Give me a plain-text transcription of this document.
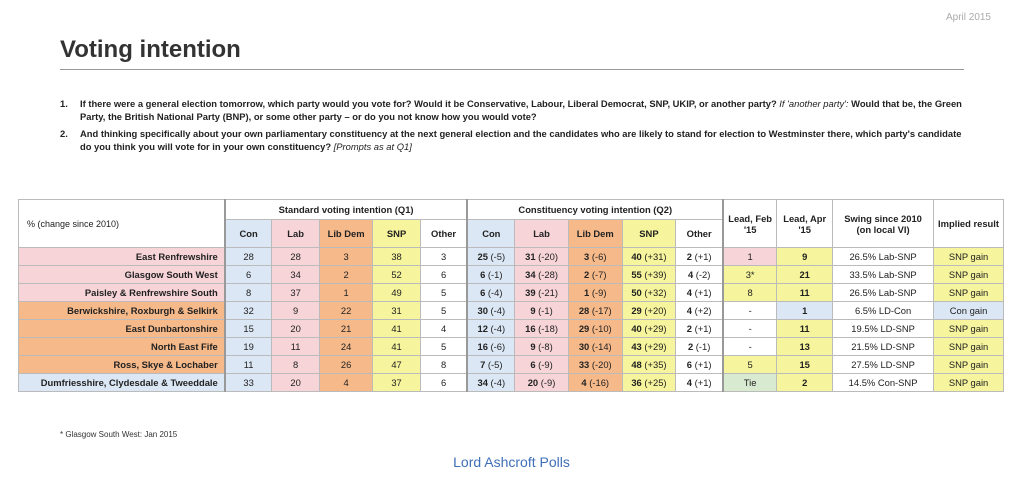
April 2015
Voting intention
1.	If there were a general election tomorrow, which party would you vote for? Would it be Conservative, Labour, Liberal Democrat, SNP, UKIP, or another party? If 'another party': Would that be, the Green Party, the British National Party (BNP), or some other party – or do you not know how you would vote?
2.	And thinking specifically about your own parliamentary constituency at the next general election and the candidates who are likely to stand for election to Westminster there, which party's candidate do you think you will vote for in your own constituency? [Prompts as at Q1]
% (change since 2010)	Standard voting intention (Q1)					Constituency voting intention (Q2)					Lead, Feb '15	Lead, Apr '15	Swing since 2010 (on local VI)	Implied result
	Con	Lab	Lib Dem	SNP	Other	Con	Lab	Lib Dem	SNP	Other				
East Renfrewshire	28	28	3	38	3	25 (-5)	31 (-20)	3 (-6)	40 (+31)	2 (+1)	1	9	26.5% Lab-SNP	SNP gain
Glasgow South West	6	34	2	52	6	6 (-1)	34 (-28)	2 (-7)	55 (+39)	4 (-2)	3*	21	33.5% Lab-SNP	SNP gain
Paisley & Renfrewshire South	8	37	1	49	5	6 (-4)	39 (-21)	1 (-9)	50 (+32)	4 (+1)	8	11	26.5% Lab-SNP	SNP gain
Berwickshire, Roxburgh & Selkirk	32	9	22	31	5	30 (-4)	9 (-1)	28 (-17)	29 (+20)	4 (+2)	-	1	6.5% LD-Con	Con gain
East Dunbartonshire	15	20	21	41	4	12 (-4)	16 (-18)	29 (-10)	40 (+29)	2 (+1)	-	11	19.5% LD-SNP	SNP gain
North East Fife	19	11	24	41	5	16 (-6)	9 (-8)	30 (-14)	43 (+29)	2 (-1)	-	13	21.5% LD-SNP	SNP gain
Ross, Skye & Lochaber	11	8	26	47	8	7 (-5)	6 (-9)	33 (-20)	48 (+35)	6 (+1)	5	15	27.5% LD-SNP	SNP gain
Dumfriesshire, Clydesdale & Tweeddale	33	20	4	37	6	34 (-4)	20 (-9)	4 (-16)	36 (+25)	4 (+1)	Tie	2	14.5% Con-SNP	SNP gain
* Glasgow South West: Jan 2015
Lord Ashcroft Polls
